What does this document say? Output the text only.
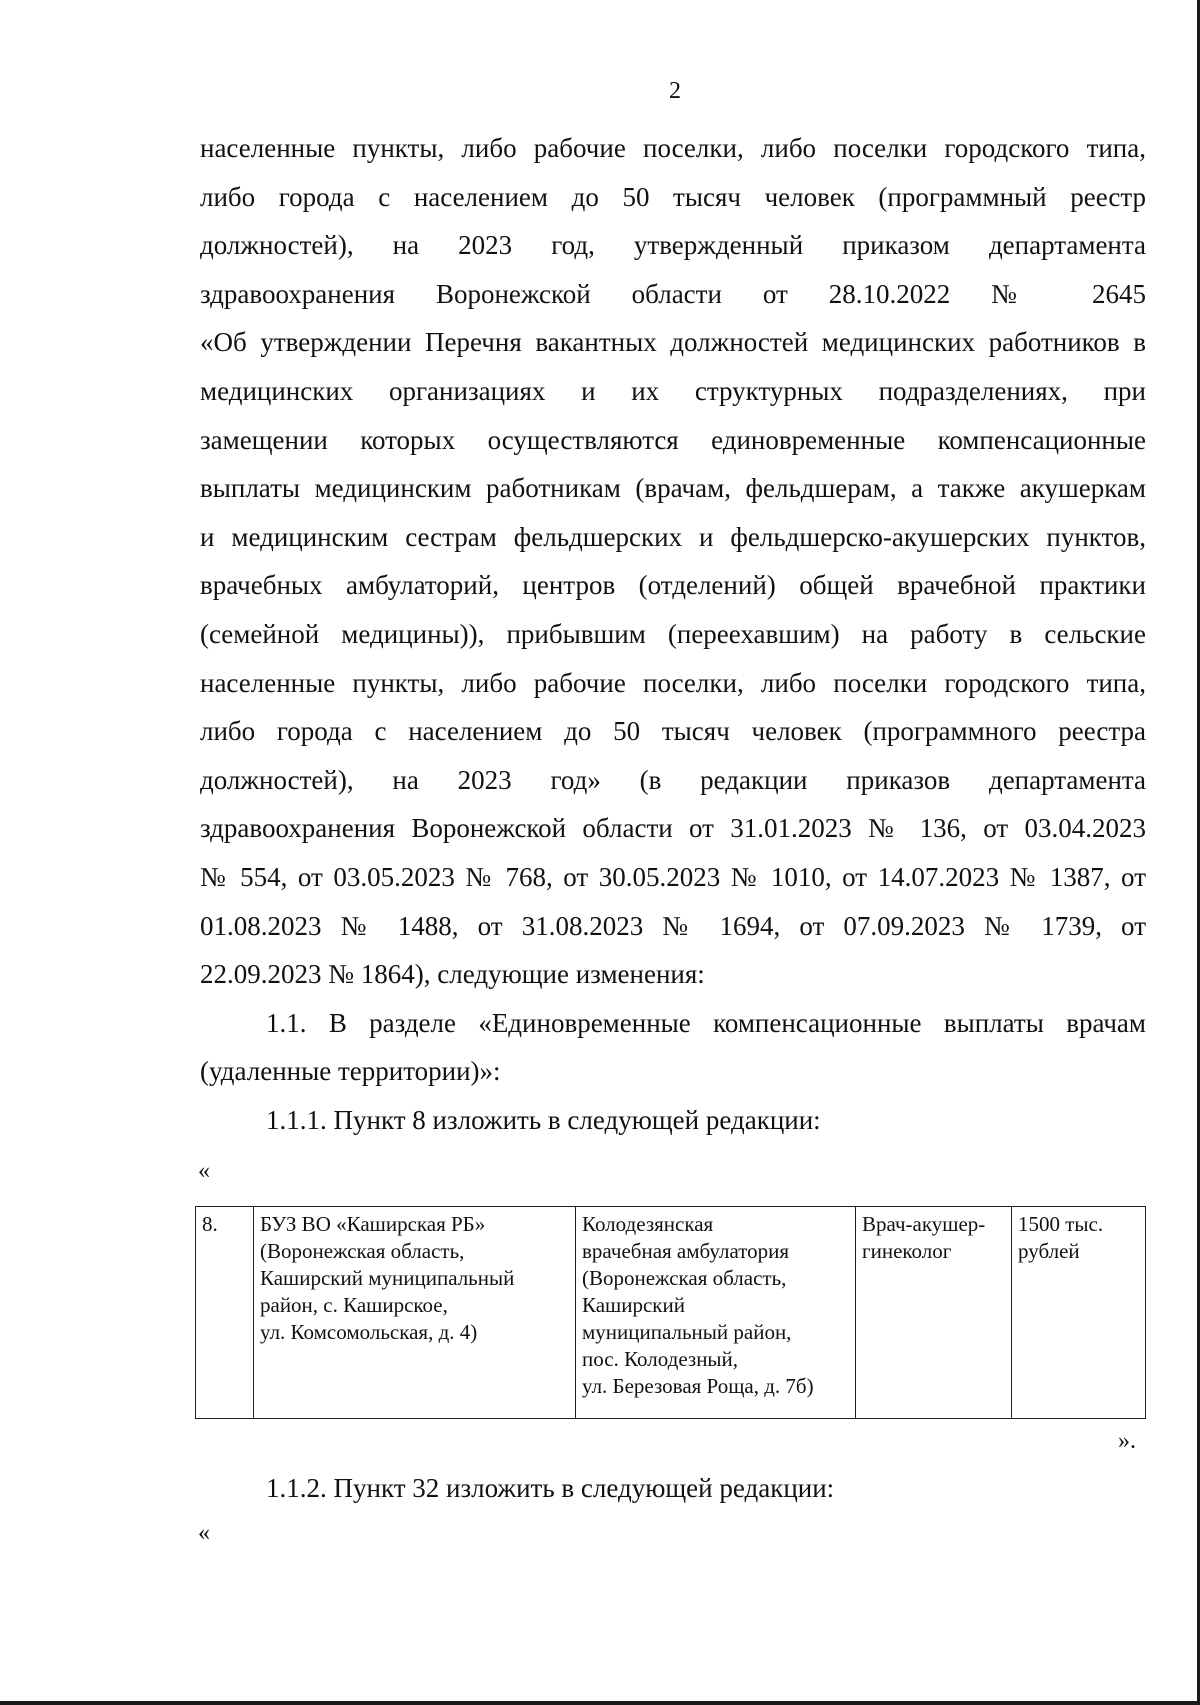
2
населенные пункты, либо рабочие поселки, либо поселки городского типа,
либо города с населением до 50 тысяч человек (программный реестр
должностей), на 2023 год, утвержденный приказом департамента
здравоохранения Воронежской области от 28.10.2022 № 2645
«Об утверждении Перечня вакантных должностей медицинских работников в
медицинских организациях и их структурных подразделениях, при
замещении которых осуществляются единовременные компенсационные
выплаты медицинским работникам (врачам, фельдшерам, а также акушеркам
и медицинским сестрам фельдшерских и фельдшерско-акушерских пунктов,
врачебных амбулаторий, центров (отделений) общей врачебной практики
(семейной медицины)), прибывшим (переехавшим) на работу в сельские
населенные пункты, либо рабочие поселки, либо поселки городского типа,
либо города с населением до 50 тысяч человек (программного реестра
должностей), на 2023 год» (в редакции приказов департамента
здравоохранения Воронежской области от 31.01.2023 № 136, от 03.04.2023
№ 554, от 03.05.2023 № 768, от 30.05.2023 № 1010, от 14.07.2023 № 1387, от
01.08.2023 № 1488, от 31.08.2023 № 1694, от 07.09.2023 № 1739, от
22.09.2023 № 1864), следующие изменения:
1.1. В разделе «Единовременные компенсационные выплаты врачам
(удаленные территории)»:
1.1.1. Пункт 8 изложить в следующей редакции:
«
8.	БУЗ ВО «Каширская РБ»
(Воронежская область,
Каширский муниципальный
район, с. Каширское,
ул. Комсомольская, д. 4)	Колодезянская
врачебная амбулатория
(Воронежская область,
Каширский
муниципальный район,
пос. Колодезный,
ул. Березовая Роща, д. 7б)	Врач-акушер-
гинеколог	1500 тыс.
рублей
».
1.1.2. Пункт 32 изложить в следующей редакции:
«
